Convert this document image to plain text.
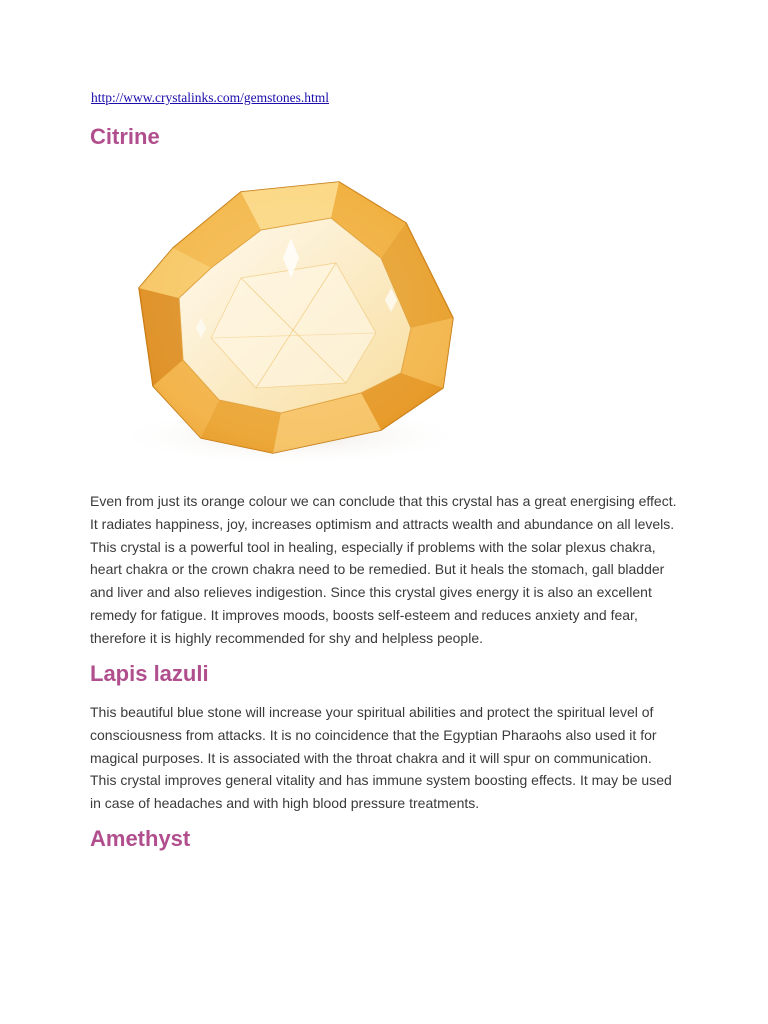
http://www.crystalinks.com/gemstones.html
Citrine

Even from just its orange colour we can conclude that this crystal has a great energising effect. It radiates happiness, joy, increases optimism and attracts wealth and abundance on all levels. This crystal is a powerful tool in healing, especially if problems with the solar plexus chakra, heart chakra or the crown chakra need to be remedied. But it heals the stomach, gall bladder and liver and also relieves indigestion. Since this crystal gives energy it is also an excellent remedy for fatigue. It improves moods, boosts self-esteem and reduces anxiety and fear, therefore it is highly recommended for shy and helpless people.

Lapis lazuli

This beautiful blue stone will increase your spiritual abilities and protect the spiritual level of consciousness from attacks. It is no coincidence that the Egyptian Pharaohs also used it for magical purposes. It is associated with the throat chakra and it will spur on communication. This crystal improves general vitality and has immune system boosting effects. It may be used in case of headaches and with high blood pressure treatments.

Amethyst
